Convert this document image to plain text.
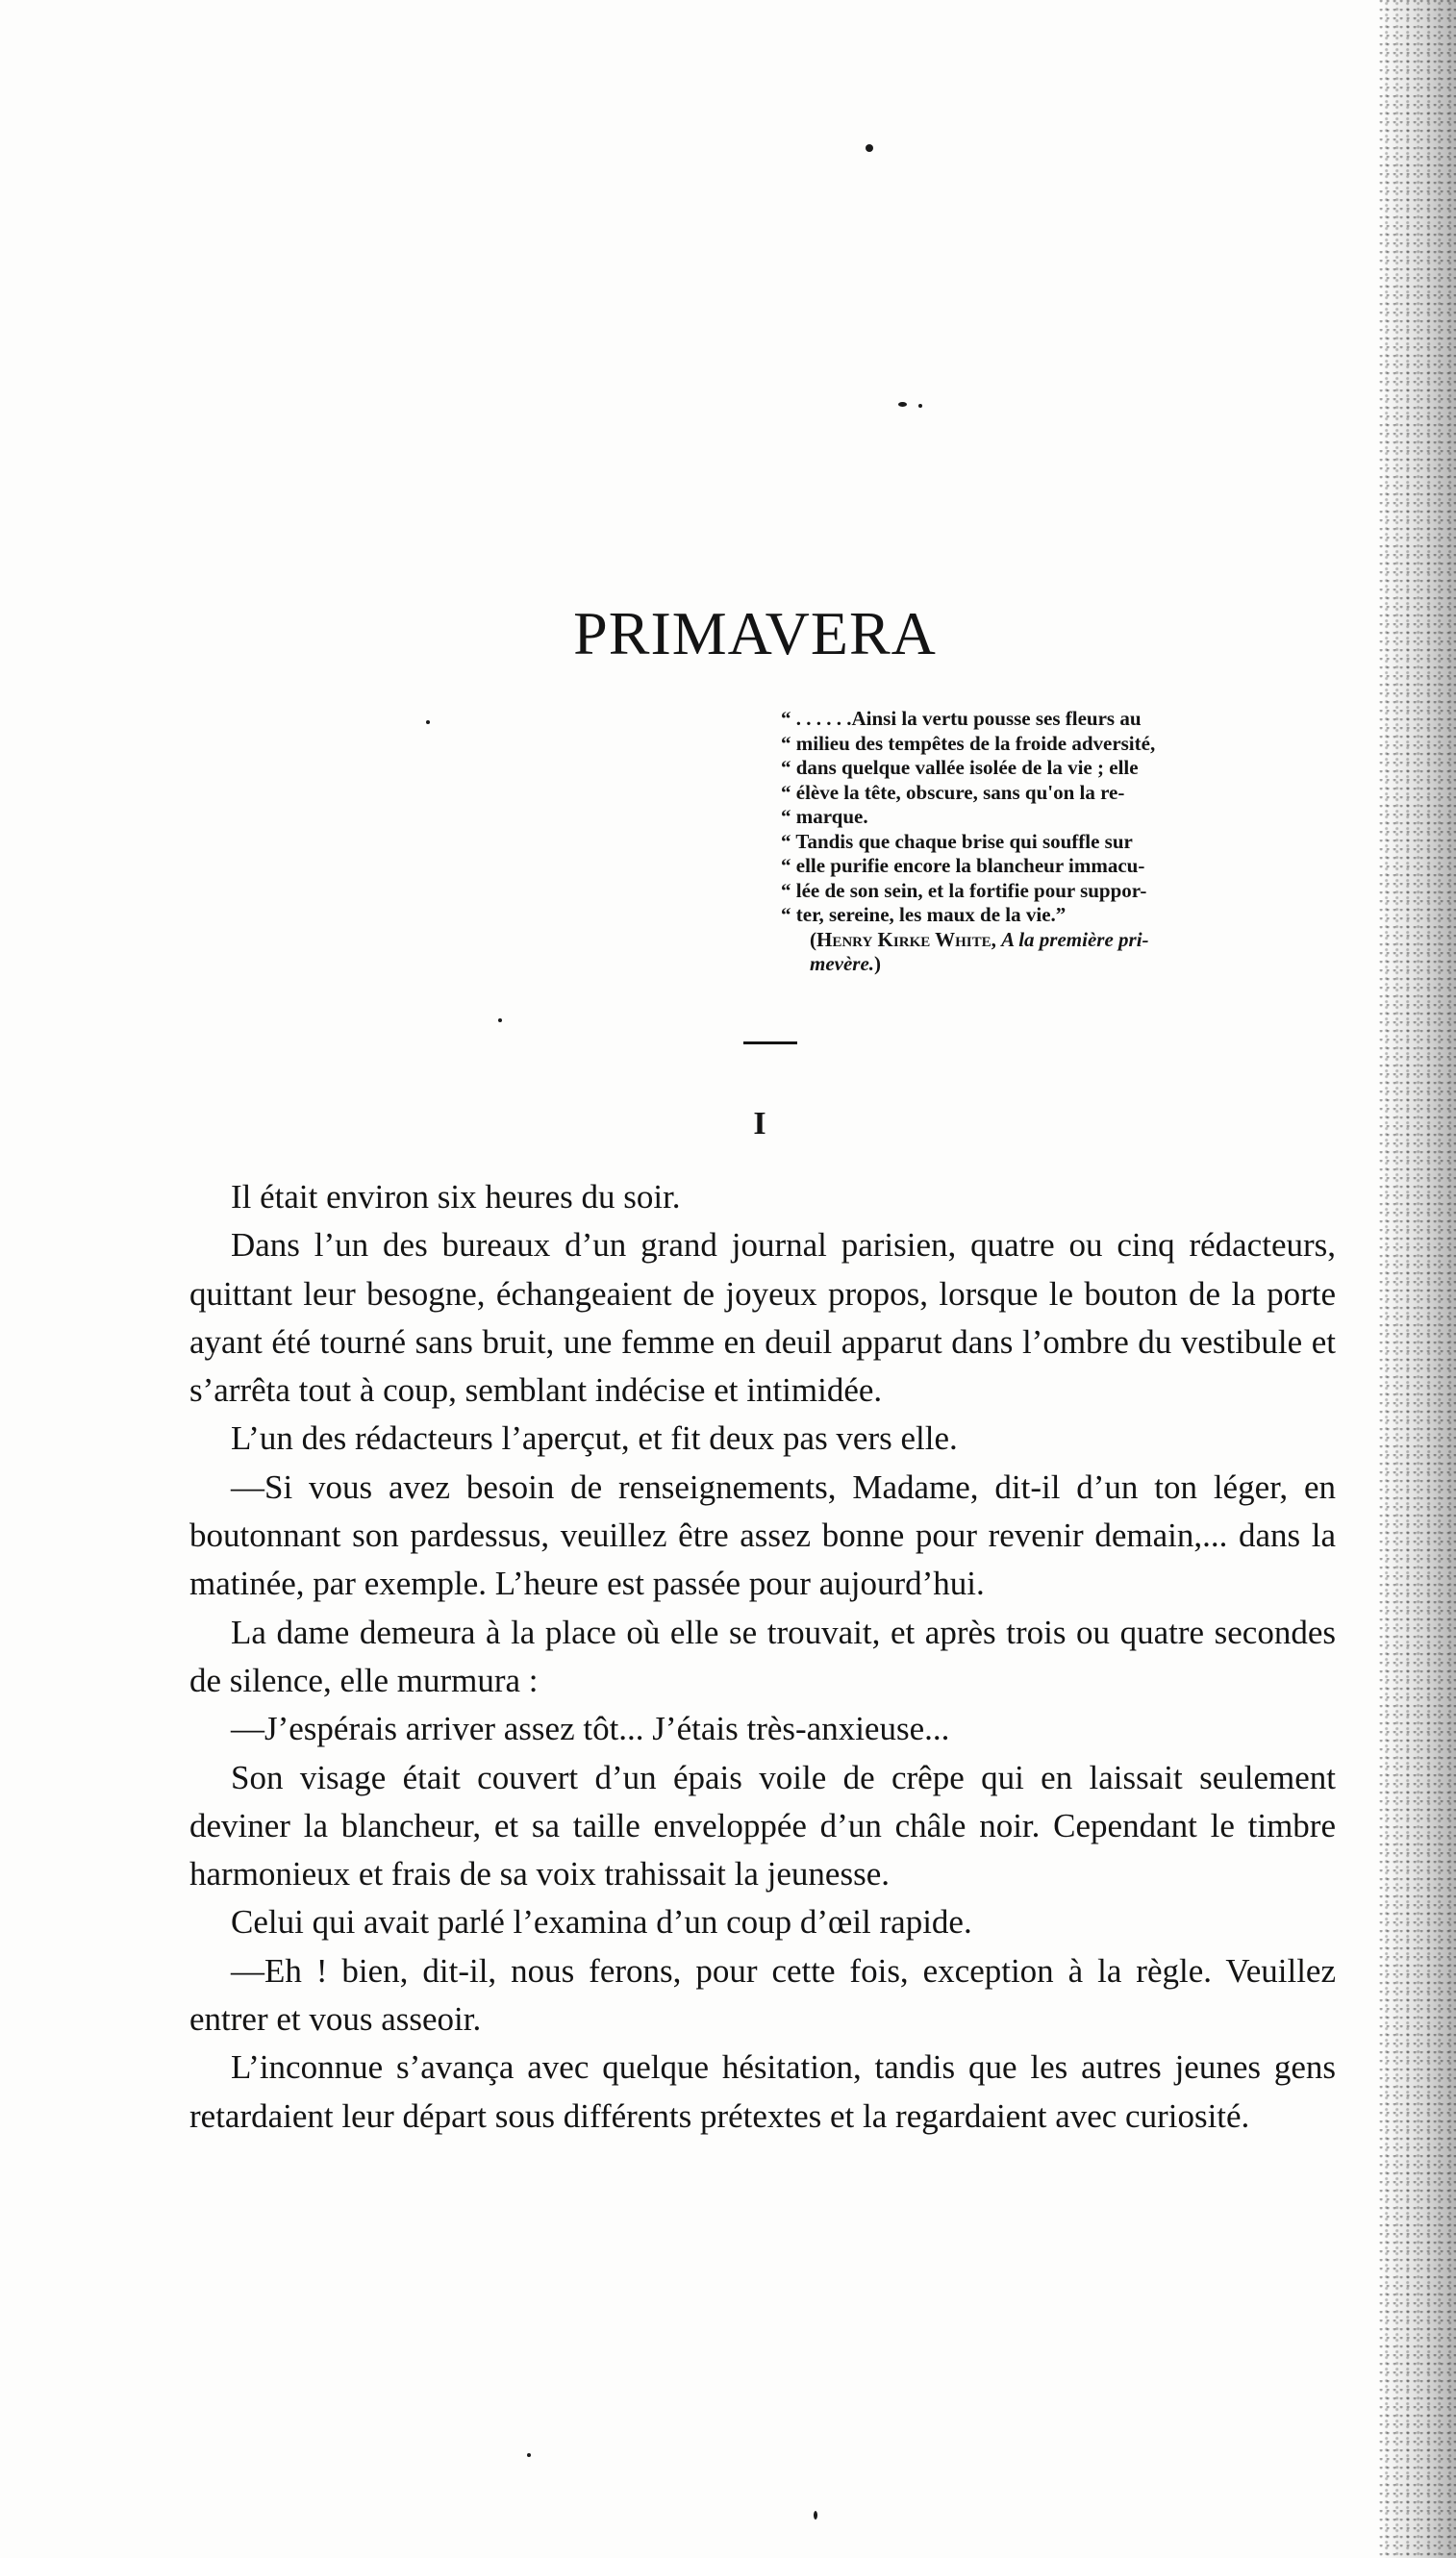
PRIMAVERA
“ . . . . . .Ainsi la vertu pousse ses fleurs au
“ milieu des tempêtes de la froide adversité,
“ dans quelque vallée isolée de la vie ; elle
“ élève la tête, obscure, sans qu'on la re-
“ marque.
“ Tandis que chaque brise qui souffle sur
“ elle purifie encore la blancheur immacu-
“ lée de son sein, et la fortifie pour suppor-
“ ter, sereine, les maux de la vie.”
(Henry Kirke White, A la première pri-
mevère.)
I

Il était environ six heures du soir.

Dans l’un des bureaux d’un grand journal parisien, quatre ou cinq rédacteurs, quittant leur besogne, échangeaient de joyeux propos, lorsque le bouton de la porte ayant été tourné sans bruit, une femme en deuil apparut dans l’ombre du vestibule et s’arrêta tout à coup, semblant indécise et intimidée.

L’un des rédacteurs l’aperçut, et fit deux pas vers elle.

—Si vous avez besoin de renseignements, Madame, dit-il d’un ton léger, en boutonnant son pardessus, veuillez être assez bonne pour revenir demain,... dans la matinée, par exemple. L’heure est passée pour aujourd’hui.

La dame demeura à la place où elle se trouvait, et après trois ou quatre secondes de silence, elle murmura :

—J’espérais arriver assez tôt... J’étais très-anxieuse...

Son visage était couvert d’un épais voile de crêpe qui en laissait seulement deviner la blancheur, et sa taille enveloppée d’un châle noir. Cependant le timbre harmonieux et frais de sa voix trahissait la jeunesse.

Celui qui avait parlé l’examina d’un coup d’œil rapide.

—Eh ! bien, dit-il, nous ferons, pour cette fois, exception à la règle. Veuillez entrer et vous asseoir.

L’inconnue s’avança avec quelque hésitation, tandis que les autres jeunes gens retardaient leur départ sous différents prétextes et la regardaient avec curiosité.
